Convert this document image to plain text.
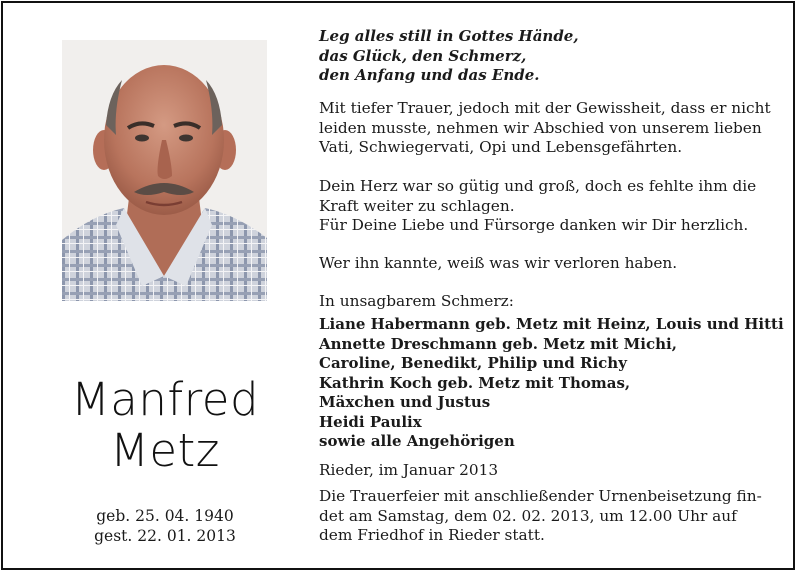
Manfred
Metz
geb. 25. 04. 1940
gest. 22. 01. 2013
Leg alles still in Gottes Hände,
das Glück, den Schmerz,
den Anfang und das Ende.
Mit tiefer Trauer, jedoch mit der Gewissheit, dass er nicht
leiden musste, nehmen wir Abschied von unserem lieben
Vati, Schwiegervati, Opi und Lebensgefährten.
Dein Herz war so gütig und groß, doch es fehlte ihm die
Kraft weiter zu schlagen.
Für Deine Liebe und Fürsorge danken wir Dir herzlich.
Wer ihn kannte, weiß was wir verloren haben.
In unsagbarem Schmerz:
Liane Habermann geb. Metz mit Heinz, Louis und Hitti
Annette Dreschmann geb. Metz mit Michi,
Caroline, Benedikt, Philip und Richy
Kathrin Koch geb. Metz mit Thomas,
Mäxchen und Justus
Heidi Paulix
sowie alle Angehörigen
Rieder, im Januar 2013
Die Trauerfeier mit anschließender Urnenbeisetzung fin-
det am Samstag, dem 02. 02. 2013, um 12.00 Uhr auf
dem Friedhof in Rieder statt.
